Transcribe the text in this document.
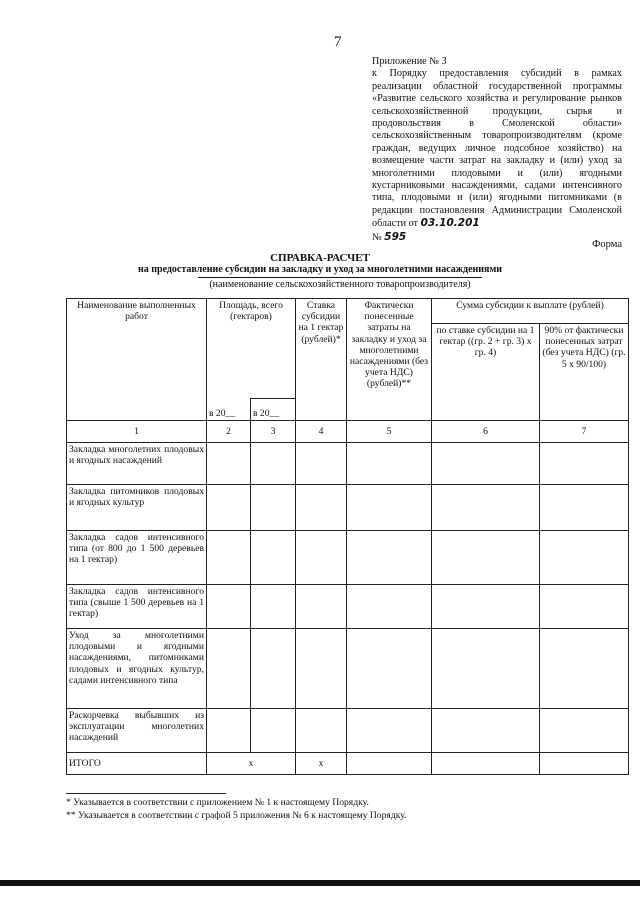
7
Приложение № 3
к Порядку предоставления субсидий в рамках реализации областной государственной программы «Развитие сельского хозяйства и регулирование рынков сельскохозяйственной продукции, сырья и продовольствия в Смоленской области» сельскохозяйственным товаропроизводителям (кроме граждан, ведущих личное подсобное хозяйство) на возмещение части затрат на закладку и (или) уход за многолетними плодовыми и (или) ягодными кустарниковыми насаждениями, садами интенсивного типа, плодовыми и (или) ягодными питомниками (в редакции постановления Администрации Смоленской области от 03.10.201
№ 595
Форма
СПРАВКА-РАСЧЕТ
на предоставление субсидии на закладку и уход за многолетними насаждениями
(наименование сельскохозяйственного товаропроизводителя)
Наименование выполненных работ	Площадь, всего (гектаров)		Ставка субсидии на 1 гектар (рублей)*	Фактически понесенные затраты на закладку и уход за многолетними насаждениями (без учета НДС) (рублей)**	Сумма субсидии к выплате (рублей)	
					по ставке субсидии на 1 гектар ((гр. 2 + гр. 3) х гр. 4)	90% от фактически понесенных затрат (без учета НДС) (гр. 5 х 90/100)
	в 20__	в 20__				
1	2	3	4	5	6	7
Закладка многолетних плодовых и ягодных насаждений						
Закладка питомников плодовых и ягодных культур						
Закладка садов интенсивного типа (от 800 до 1 500 деревьев на 1 гектар)						
Закладка садов интенсивного типа (свыше 1 500 деревьев на 1 гектар)						
Уход за многолетними плодовыми и ягодными насаждениями, питомниками плодовых и ягодных культур, садами интенсивного типа						
Раскорчевка выбывших из эксплуатации многолетних насаждений						
ИТОГО	х		х			
* Указывается в соответствии с приложением № 1 к настоящему Порядку.
** Указывается в соответствии с графой 5 приложения № 6 к настоящему Порядку.
